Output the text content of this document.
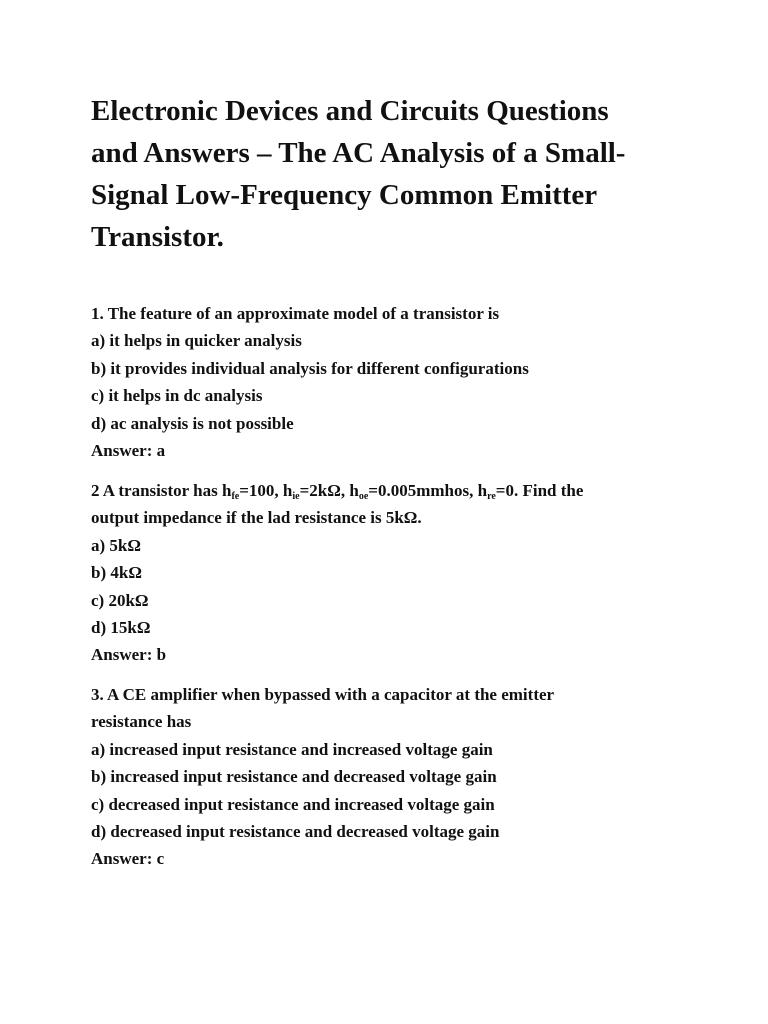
Electronic Devices and Circuits Questions
and Answers – The AC Analysis of a Small-
Signal Low-Frequency Common Emitter
Transistor.
1. The feature of an approximate model of a transistor is
a) it helps in quicker analysis
b) it provides individual analysis for different configurations
c) it helps in dc analysis
d) ac analysis is not possible
Answer: a
2 A transistor has $h_{fe}=100$, $h_{ie}=2k\Omega$, $h_{oe}=0.005mmhos$, $h_{re}=0$. Find the
output impedance if the lad resistance is 5kΩ.
a) 5kΩ
b) 4kΩ
c) 20kΩ
d) 15kΩ
Answer: b
3. A CE amplifier when bypassed with a capacitor at the emitter
resistance has
a) increased input resistance and increased voltage gain
b) increased input resistance and decreased voltage gain
c) decreased input resistance and increased voltage gain
d) decreased input resistance and decreased voltage gain
Answer: c
